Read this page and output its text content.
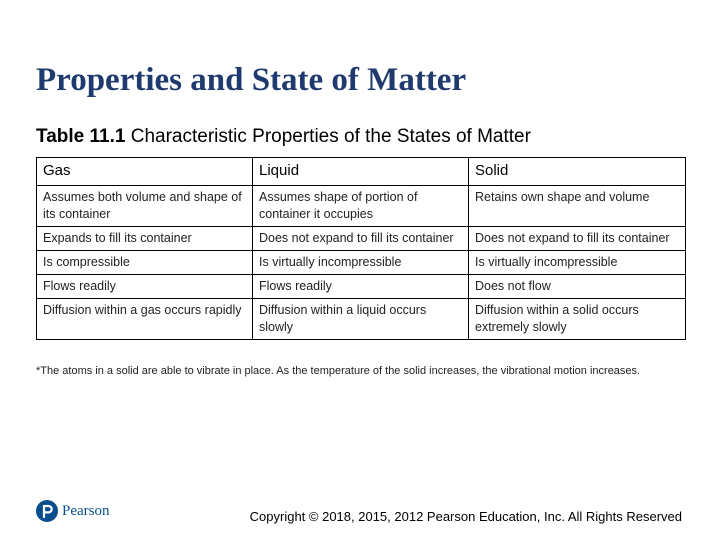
Properties and State of Matter
Table 11.1 Characteristic Properties of the States of Matter
Gas	Liquid	Solid
Assumes both volume and shape of its container	Assumes shape of portion of container it occupies	Retains own shape and volume
Expands to fill its container	Does not expand to fill its container	Does not expand to fill its container
Is compressible	Is virtually incompressible	Is virtually incompressible
Flows readily	Flows readily	Does not flow
Diffusion within a gas occurs rapidly	Diffusion within a liquid occurs slowly	Diffusion within a solid occurs extremely slowly
*The atoms in a solid are able to vibrate in place. As the temperature of the solid increases, the vibrational motion increases.
Pearson	Copyright © 2018, 2015, 2012 Pearson Education, Inc. All Rights Reserved
